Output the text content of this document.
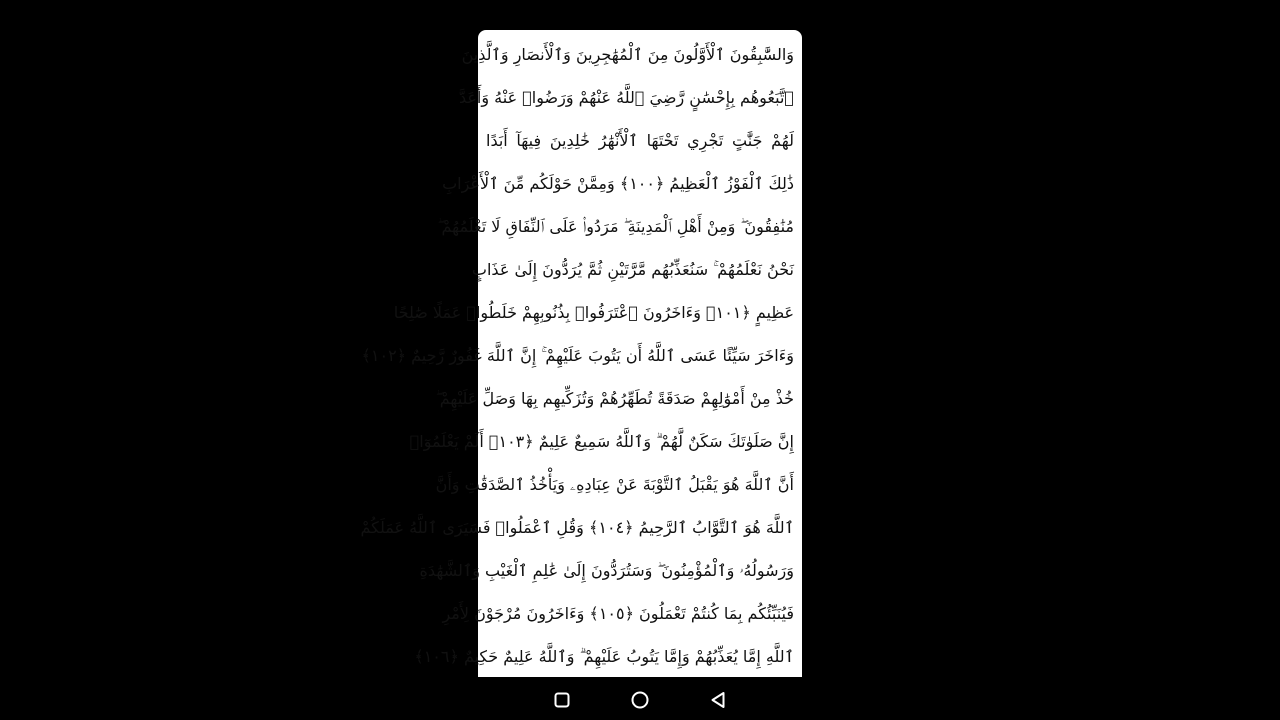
وَالسَّٰبِقُونَ ٱلْأَوَّلُونَ مِنَ ٱلْمُهَٰجِرِينَ وَٱلْأَنصَارِ وَٱلَّذِينَ
ٱتَّبَعُوهُم بِإِحْسَٰنٍ رَّضِيَ ٱللَّهُ عَنْهُمْ وَرَضُوا۟ عَنْهُ وَأَعَدَّ
لَهُمْ جَنَّٰتٍ تَجْرِي تَحْتَهَا ٱلْأَنْهَٰرُ خَٰلِدِينَ فِيهَآ أَبَدًا
ذَٰلِكَ ٱلْفَوْزُ ٱلْعَظِيمُ ﴿١٠٠﴾ وَمِمَّنْ حَوْلَكُم مِّنَ ٱلْأَعْرَابِ
مُنَٰفِقُونَ ۖ وَمِنْ أَهْلِ ٱلْمَدِينَةِ ۖ مَرَدُوا۟ عَلَى ٱلنِّفَاقِ لَا تَعْلَمُهُمْ ۖ
نَحْنُ نَعْلَمُهُمْ ۚ سَنُعَذِّبُهُم مَّرَّتَيْنِ ثُمَّ يُرَدُّونَ إِلَىٰ عَذَابٍ
عَظِيمٍ ﴿١٠١﴾ وَءَاخَرُونَ ٱعْتَرَفُوا۟ بِذُنُوبِهِمْ خَلَطُوا۟ عَمَلًا صَٰلِحًا
وَءَاخَرَ سَيِّئًا عَسَى ٱللَّهُ أَن يَتُوبَ عَلَيْهِمْ ۚ إِنَّ ٱللَّهَ غَفُورٌ رَّحِيمٌ ﴿١٠٢﴾
خُذْ مِنْ أَمْوَٰلِهِمْ صَدَقَةً تُطَهِّرُهُمْ وَتُزَكِّيهِم بِهَا وَصَلِّ عَلَيْهِمْ ۖ
إِنَّ صَلَوٰتَكَ سَكَنٌ لَّهُمْ ۗ وَٱللَّهُ سَمِيعٌ عَلِيمٌ ﴿١٠٣﴾ أَلَمْ يَعْلَمُوٓا۟
أَنَّ ٱللَّهَ هُوَ يَقْبَلُ ٱلتَّوْبَةَ عَنْ عِبَادِهِۦ وَيَأْخُذُ ٱلصَّدَقَٰتِ وَأَنَّ
ٱللَّهَ هُوَ ٱلتَّوَّابُ ٱلرَّحِيمُ ﴿١٠٤﴾ وَقُلِ ٱعْمَلُوا۟ فَسَيَرَى ٱللَّهُ عَمَلَكُمْ
وَرَسُولُهُۥ وَٱلْمُؤْمِنُونَ ۖ وَسَتُرَدُّونَ إِلَىٰ عَٰلِمِ ٱلْغَيْبِ وَٱلشَّهَٰدَةِ
فَيُنَبِّئُكُم بِمَا كُنتُمْ تَعْمَلُونَ ﴿١٠٥﴾ وَءَاخَرُونَ مُرْجَوْنَ لِأَمْرِ
ٱللَّهِ إِمَّا يُعَذِّبُهُمْ وَإِمَّا يَتُوبُ عَلَيْهِمْ ۗ وَٱللَّهُ عَلِيمٌ حَكِيمٌ ﴿١٠٦﴾
